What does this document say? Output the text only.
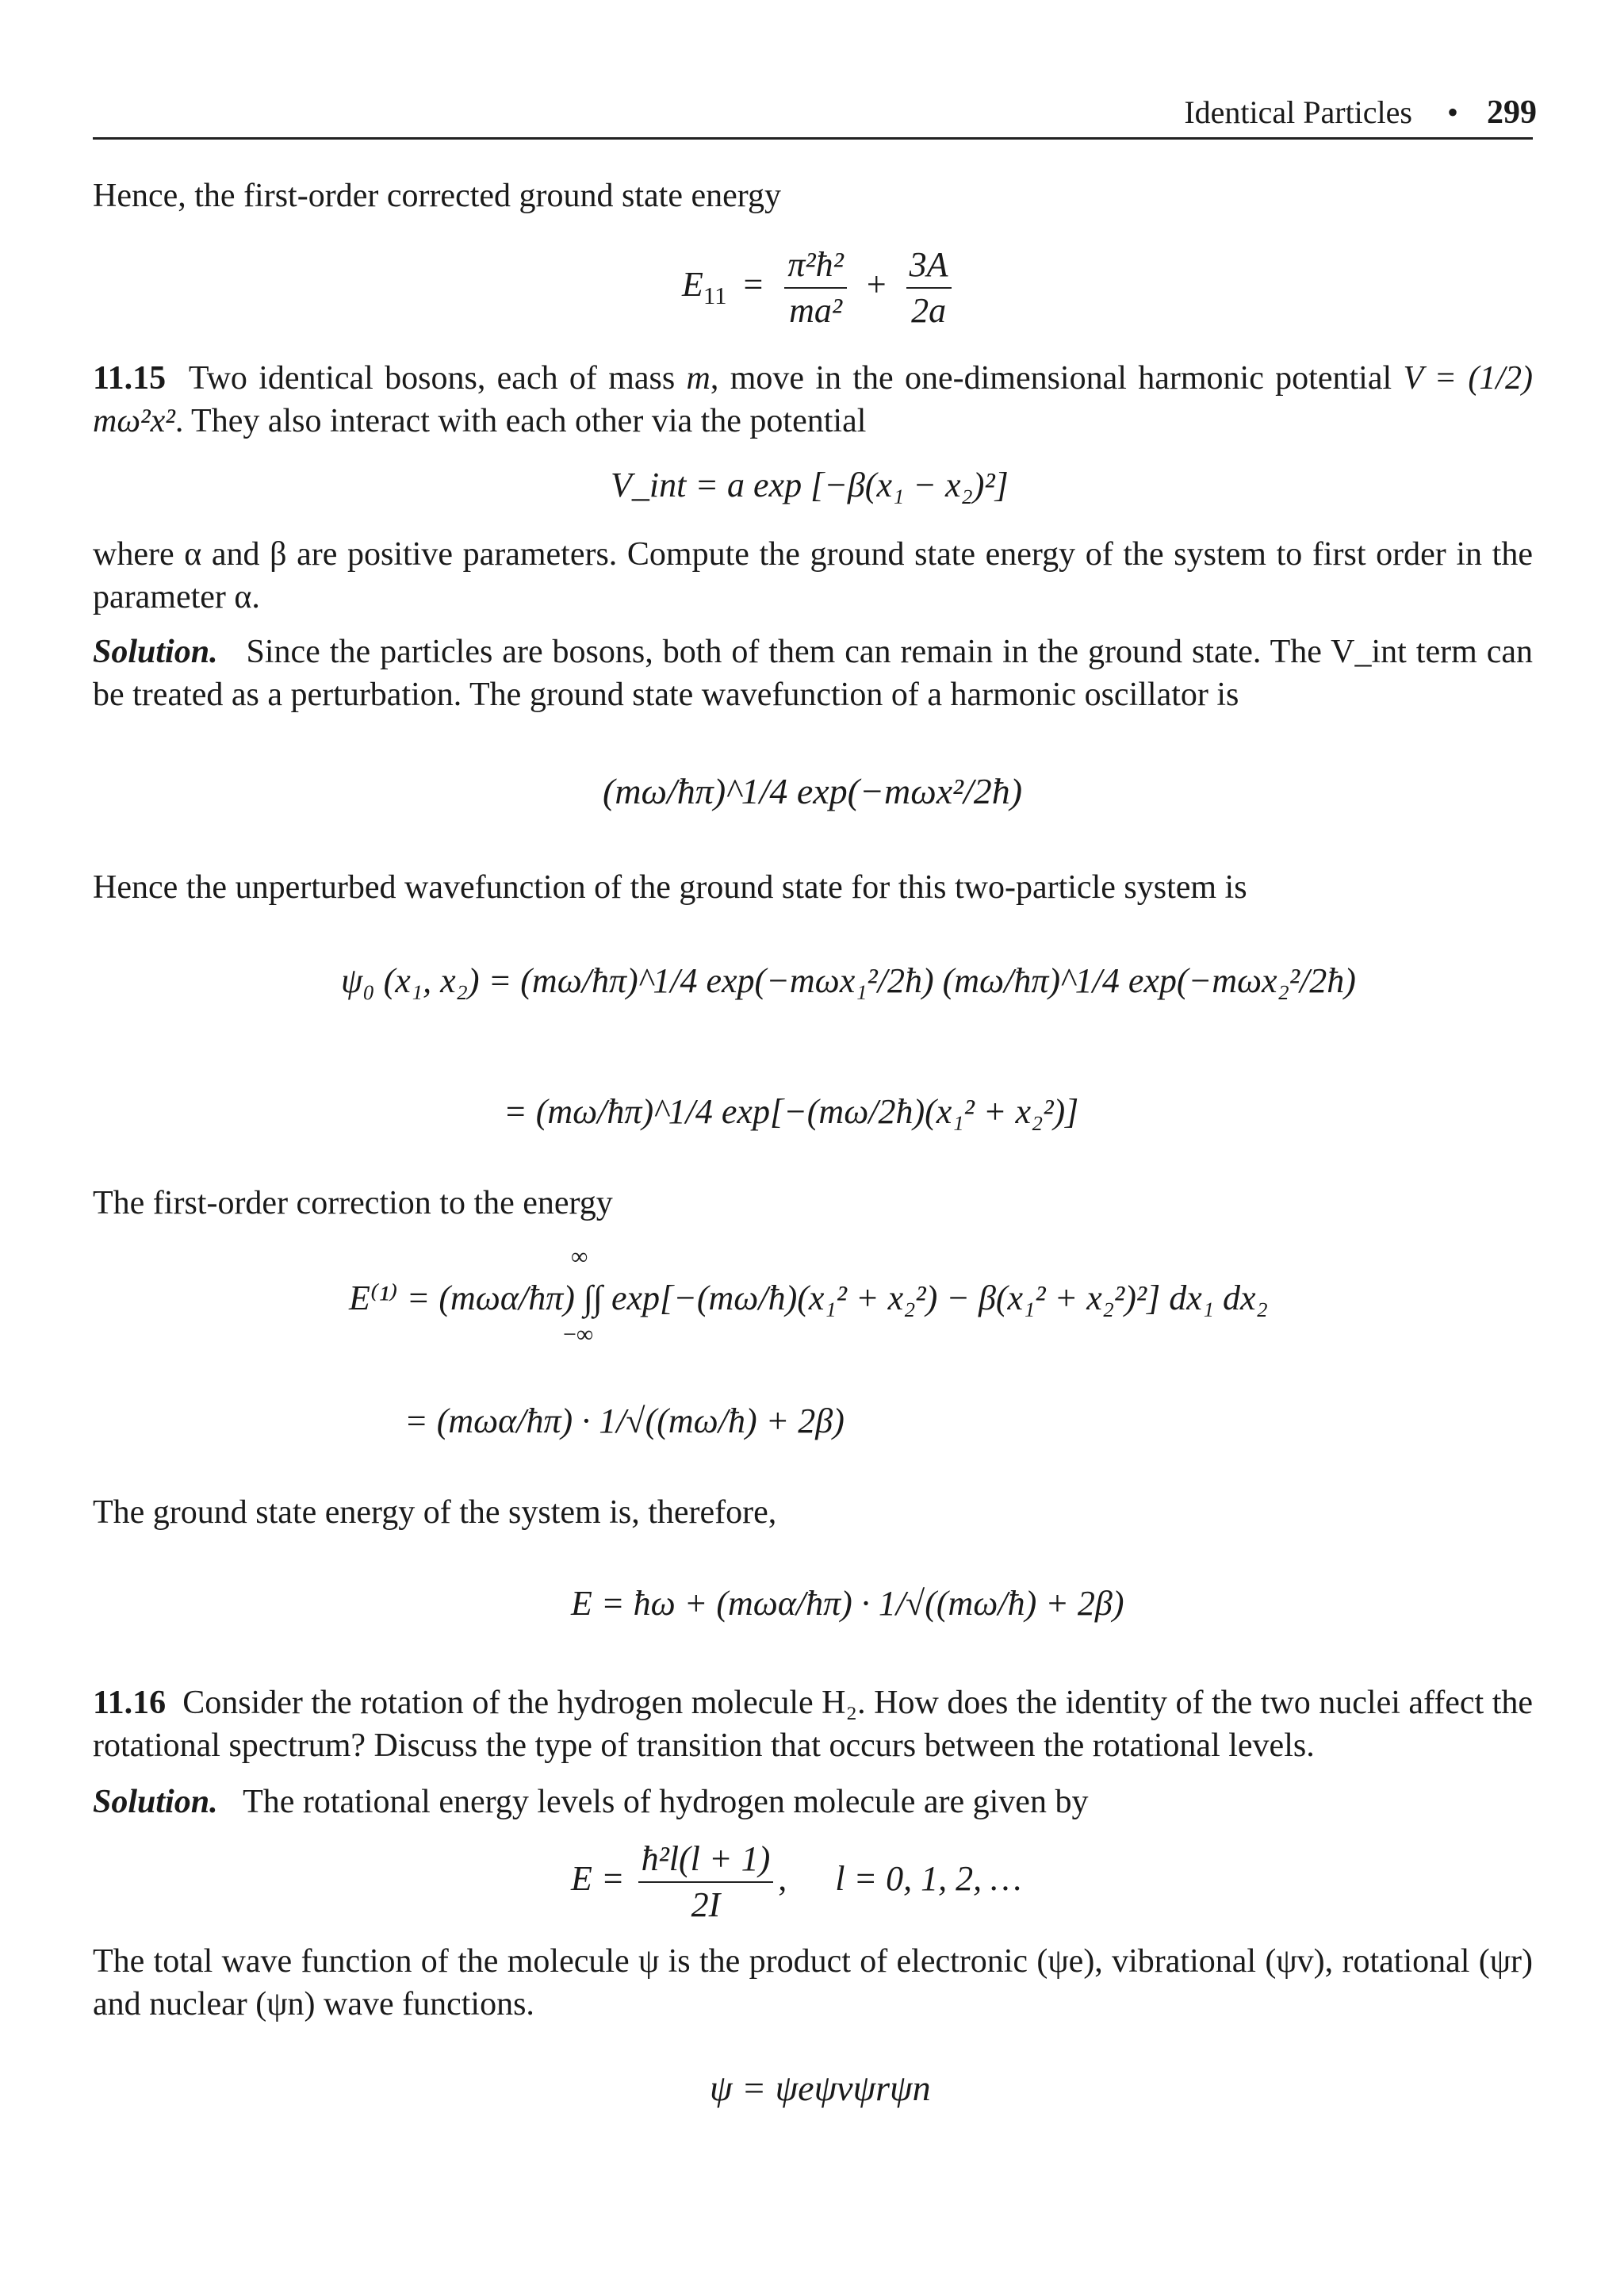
Identical Particles • 299
Hence, the first-order corrected ground state energy
$E_{11} = \frac{\text{π²ħ²}}{\text{ma²}} + \frac{3A}{2a}$
11.15 Two identical bosons, each of mass m, move in the one-dimensional harmonic potential V = (1/2) mω²x². They also interact with each other via the potential
V_int = a exp [−β(x₁ − x₂)²]
where α and β are positive parameters. Compute the ground state energy of the system to first order in the parameter α.
Solution. Since the particles are bosons, both of them can remain in the ground state. The V_int term can be treated as a perturbation. The ground state wavefunction of a harmonic oscillator is
(mω/ħπ)^1/4 exp(−mωx²/2ħ)
Hence the unperturbed wavefunction of the ground state for this two-particle system is
ψ₀ (x₁, x₂) = (mω/ħπ)^1/4 exp(−mωx₁²/2ħ) (mω/ħπ)^1/4 exp(−mωx₂²/2ħ)
= (mω/ħπ)^1/4 exp[−(mω/2ħ)(x₁² + x₂²)]
The first-order correction to the energy
∞
−∞
E⁽¹⁾ = (mωα/ħπ) ∫∫ exp[−(mω/ħ)(x₁² + x₂²) − β(x₁² + x₂²)²] dx₁ dx₂
= (mωα/ħπ) · 1/√((mω/ħ) + 2β)
The ground state energy of the system is, therefore,
E = ħω + (mωα/ħπ) · 1/√((mω/ħ) + 2β)
11.16 Consider the rotation of the hydrogen molecule H₂. How does the identity of the two nuclei affect the rotational spectrum? Discuss the type of transition that occurs between the rotational levels.
Solution. The rotational energy levels of hydrogen molecule are given by
$E = \frac{\text{ħ²l(l + 1)}}{2I}$ , l = 0, 1, 2, …
The total wave function of the molecule ψ is the product of electronic (ψe), vibrational (ψv), rotational (ψr) and nuclear (ψn) wave functions.
ψ = ψeψvψrψn
